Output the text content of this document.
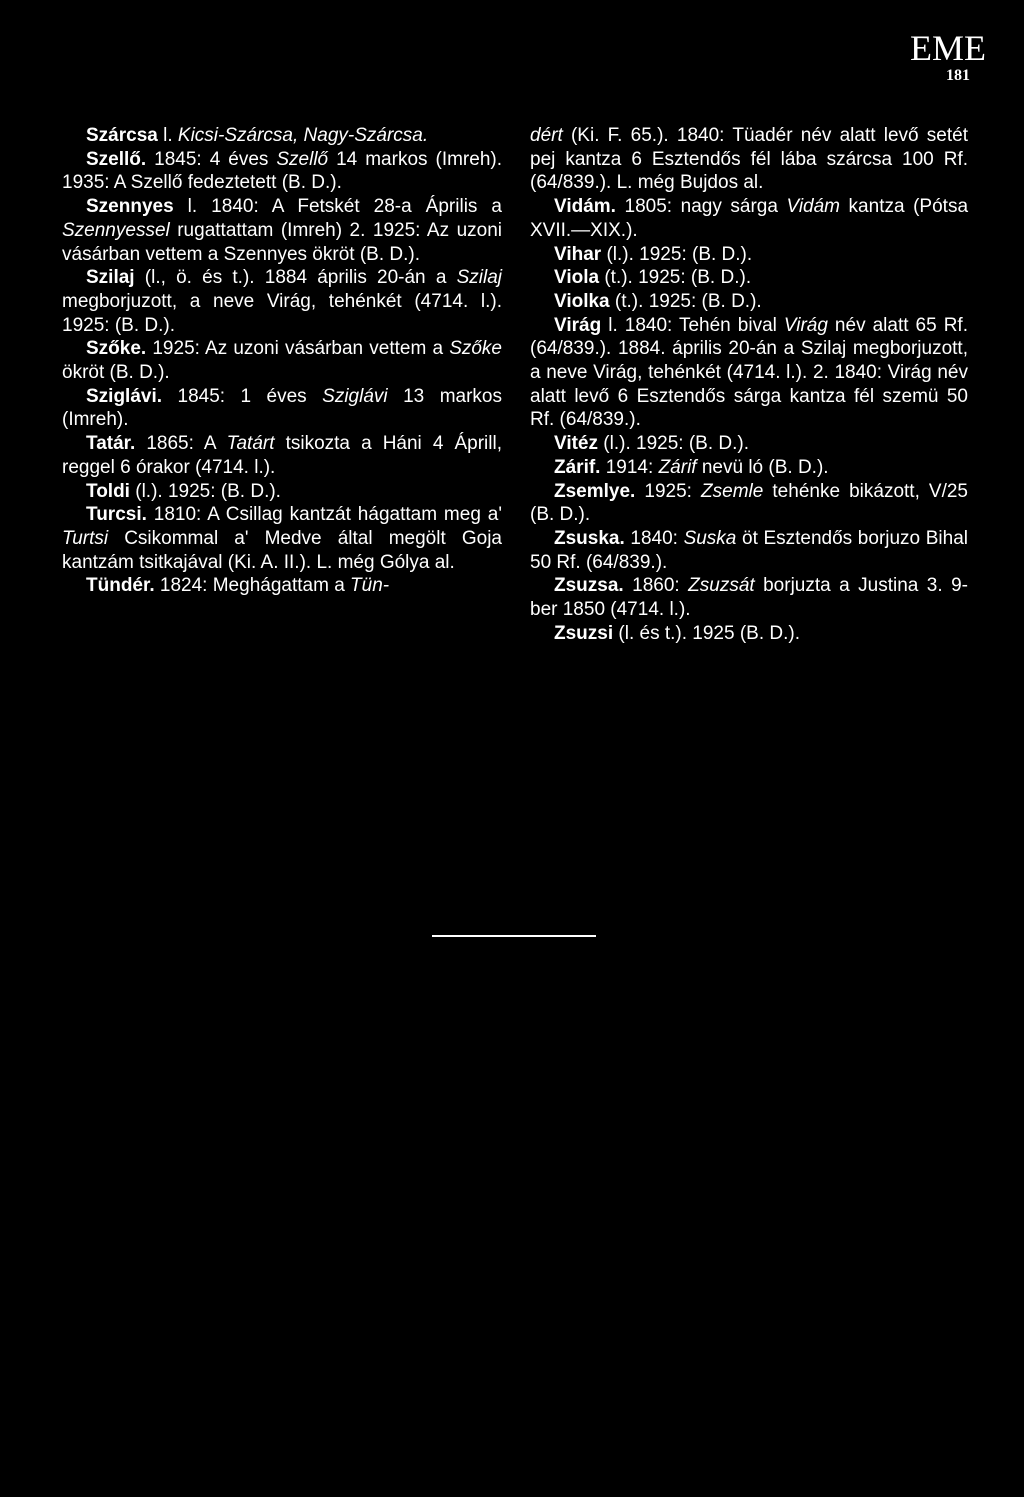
EME
181

Szárcsa l. Kicsi-Szárcsa, Nagy-Szárcsa.

Szellő. 1845: 4 éves Szellő 14 markos (Imreh). 1935: A Szellő fedeztetett (B. D.).

Szennyes l. 1840: A Fetskét 28-a Április a Szennyessel rugattattam (Imreh) 2. 1925: Az uzoni vásárban vettem a Szennyes ökröt (B. D.).

Szilaj (l., ö. és t.). 1884 április 20-án a Szilaj megborjuzott, a neve Virág, tehénkét (4714. l.). 1925: (B. D.).

Szőke. 1925: Az uzoni vásárban vettem a Szőke ökröt (B. D.).

Sziglávi. 1845: 1 éves Sziglávi 13 markos (Imreh).

Tatár. 1865: A Tatárt tsikozta a Háni 4 Áprill, reggel 6 órakor (4714. l.).

Toldi (l.). 1925: (B. D.).

Turcsi. 1810: A Csillag kantzát hágattam meg a' Turtsi Csikommal a' Medve által megölt Goja kantzám tsitkajával (Ki. A. II.). L. még Gólya al.

Tündér. 1824: Meghágattam a Tün-

dért (Ki. F. 65.). 1840: Tüadér név alatt levő setét pej kantza 6 Esztendős fél lába szárcsa 100 Rf. (64/839.). L. még Bujdos al.

Vidám. 1805: nagy sárga Vidám kantza (Pótsa XVII.—XIX.).

Vihar (l.). 1925: (B. D.).

Viola (t.). 1925: (B. D.).

Violka (t.). 1925: (B. D.).

Virág l. 1840: Tehén bival Virág név alatt 65 Rf. (64/839.). 1884. április 20-án a Szilaj megborjuzott, a neve Virág, tehénkét (4714. l.). 2. 1840: Virág név alatt levő 6 Esztendős sárga kantza fél szemü 50 Rf. (64/839.).

Vitéz (l.). 1925: (B. D.).

Zárif. 1914: Zárif nevü ló (B. D.).

Zsemlye. 1925: Zsemle tehénke bikázott, V/25 (B. D.).

Zsuska. 1840: Suska öt Esztendős borjuzo Bihal 50 Rf. (64/839.).

Zsuzsa. 1860: Zsuzsát borjuzta a Justina 3. 9-ber 1850 (4714. l.).

Zsuzsi (l. és t.). 1925 (B. D.).
